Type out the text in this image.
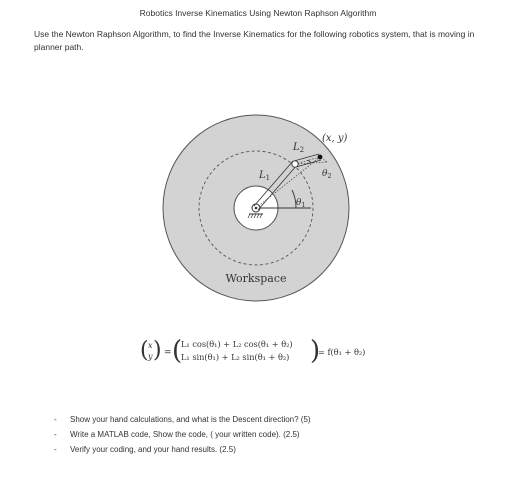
Robotics Inverse Kinematics Using Newton Raphson Algorithm
Use the Newton Raphson Algorithm, to find the Inverse Kinematics for the following robotics system, that is moving in planner path.
(x, y)
$L_2$
$L_1$
$\theta_1$
$\theta_2$
Workspace
( x
y ) = (
L₁ cos(θ₁) + L₂ cos(θ₁ + θ₂)
L₁ sin(θ₁) + L₂ sin(θ₁ + θ₂) )
= f(θ₁ + θ₂)
- Show your hand calculations, and what is the Descent direction? (5)
- Write a MATLAB code, Show the code, ( your written code). (2.5)
- Verify your coding, and your hand results. (2.5)
